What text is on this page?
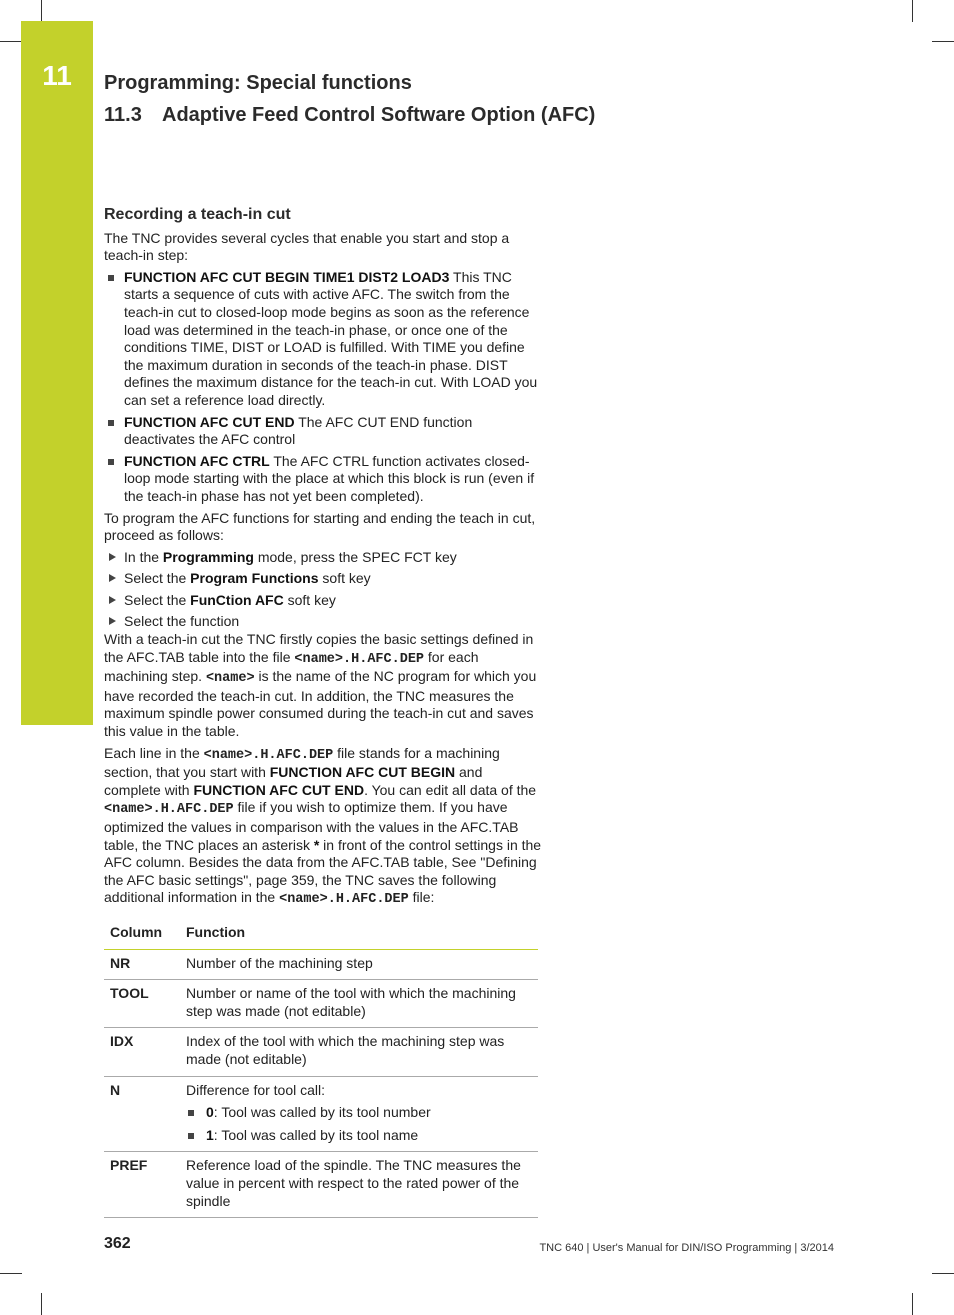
11	Programming: Special functions
11.3 Adaptive Feed Control Software Option (AFC)
Recording a teach-in cut

The TNC provides several cycles that enable you start and stop a teach-in step:

FUNCTION AFC CUT BEGIN TIME1 DIST2 LOAD3 This TNC starts a sequence of cuts with active AFC. The switch from the teach-in cut to closed-loop mode begins as soon as the reference load was determined in the teach-in phase, or once one of the conditions TIME, DIST or LOAD is fulfilled. With TIME you define the maximum duration in seconds of the teach-in phase. DIST defines the maximum distance for the teach-in cut. With LOAD you can set a reference load directly.
FUNCTION AFC CUT END The AFC CUT END function deactivates the AFC control
FUNCTION AFC CTRL The AFC CTRL function activates closed-loop mode starting with the place at which this block is run (even if the teach-in phase has not yet been completed).

To program the AFC functions for starting and ending the teach in cut, proceed as follows:

In the Programming mode, press the SPEC FCT key
Select the Program Functions soft key
Select the FunCtion AFC soft key
Select the function

With a teach-in cut the TNC firstly copies the basic settings defined in the AFC.TAB table into the file <name>.H.AFC.DEP for each machining step. <name> is the name of the NC program for which you have recorded the teach-in cut. In addition, the TNC measures the maximum spindle power consumed during the teach-in cut and saves this value in the table.

Each line in the <name>.H.AFC.DEP file stands for a machining section, that you start with FUNCTION AFC CUT BEGIN and complete with FUNCTION AFC CUT END. You can edit all data of the <name>.H.AFC.DEP file if you wish to optimize them. If you have optimized the values in comparison with the values in the AFC.TAB table, the TNC places an asterisk * in front of the control settings in the AFC column. Besides the data from the AFC.TAB table, See "Defining the AFC basic settings", page 359, the TNC saves the following additional information in the <name>.H.AFC.DEP file:

Column	Function
NR	Number of the machining step
TOOL	Number or name of the tool with which the machining step was made (not editable)
IDX	Index of the tool with which the machining step was made (not editable)
N	Difference for tool call:
0: Tool was called by its tool number
1: Tool was called by its tool name

PREF	Reference load of the spindle. The TNC measures the value in percent with respect to the rated power of the spindle
362	TNC 640 | User's Manual for DIN/ISO Programming | 3/2014
